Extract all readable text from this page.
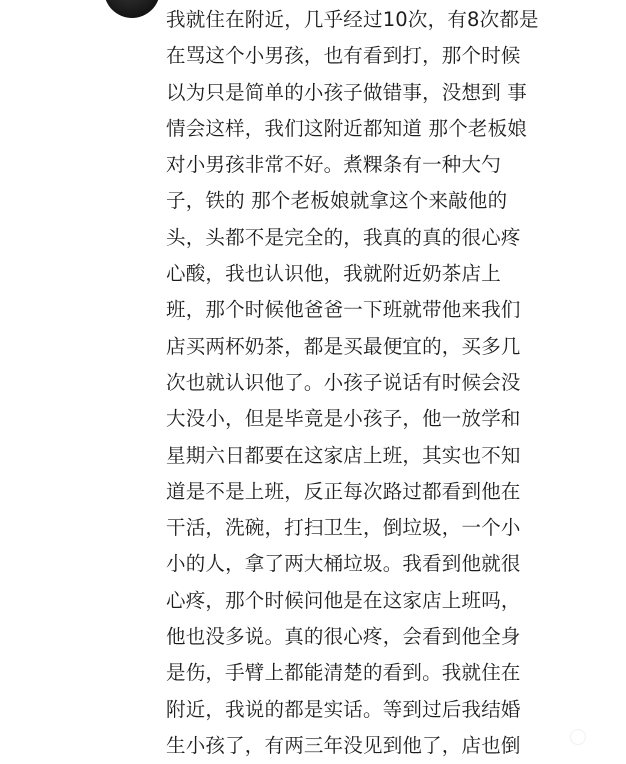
我就住在附近，几乎经过10次，有8次都是
在骂这个小男孩，也有看到打，那个时候
以为只是简单的小孩子做错事，没想到 事
情会这样，我们这附近都知道 那个老板娘
对小男孩非常不好。煮粿条有一种大勺
子，铁的 那个老板娘就拿这个来敲他的
头，头都不是完全的，我真的真的很心疼
心酸，我也认识他，我就附近奶茶店上
班，那个时候他爸爸一下班就带他来我们
店买两杯奶茶，都是买最便宜的，买多几
次也就认识他了。小孩子说话有时候会没
大没小，但是毕竟是小孩子，他一放学和
星期六日都要在这家店上班，其实也不知
道是不是上班，反正每次路过都看到他在
干活，洗碗，打扫卫生，倒垃圾，一个小
小的人，拿了两大桶垃圾。我看到他就很
心疼，那个时候问他是在这家店上班吗，
他也没多说。真的很心疼，会看到他全身
是伤，手臂上都能清楚的看到。我就住在
附近，我说的都是实话。等到过后我结婚
生小孩了，有两三年没见到他了，店也倒
